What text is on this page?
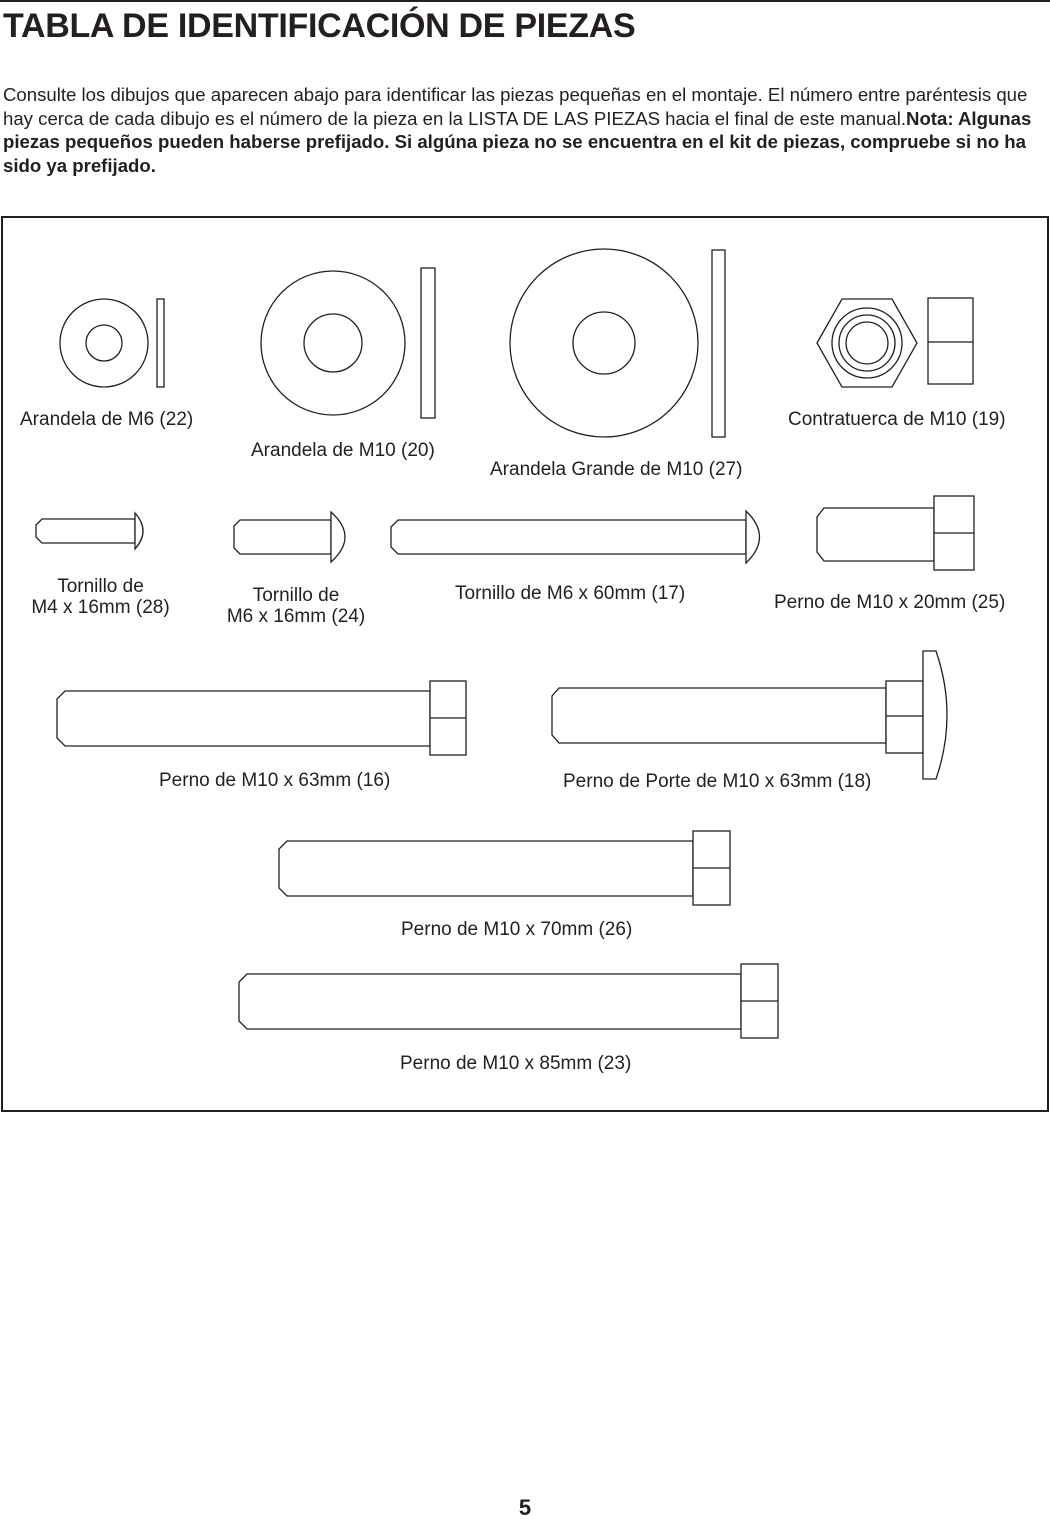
TABLA DE IDENTIFICACIÓN DE PIEZAS

Consulte los dibujos que aparecen abajo para identificar las piezas pequeñas en el montaje. El número entre paréntesis que hay cerca de cada dibujo es el número de la pieza en la LISTA DE LAS PIEZAS hacia el final de este manual.Nota: Algunas piezas pequeños pueden haberse prefijado. Si algúna pieza no se encuentra en el kit de piezas, compruebe si no ha sido ya prefijado.

Arandela de M6 (22)
Arandela de M10 (20)
Arandela Grande de M10 (27)
Contratuerca de M10 (19)
Tornillo de
M4 x 16mm (28)
Tornillo de
M6 x 16mm (24)
Tornillo de M6 x 60mm (17)	Perno de M10 x 20mm (25)
Perno de M10 x 63mm (16)	Perno de Porte de M10 x 63mm (18)
Perno de M10 x 70mm (26)
Perno de M10 x 85mm (23)
5
